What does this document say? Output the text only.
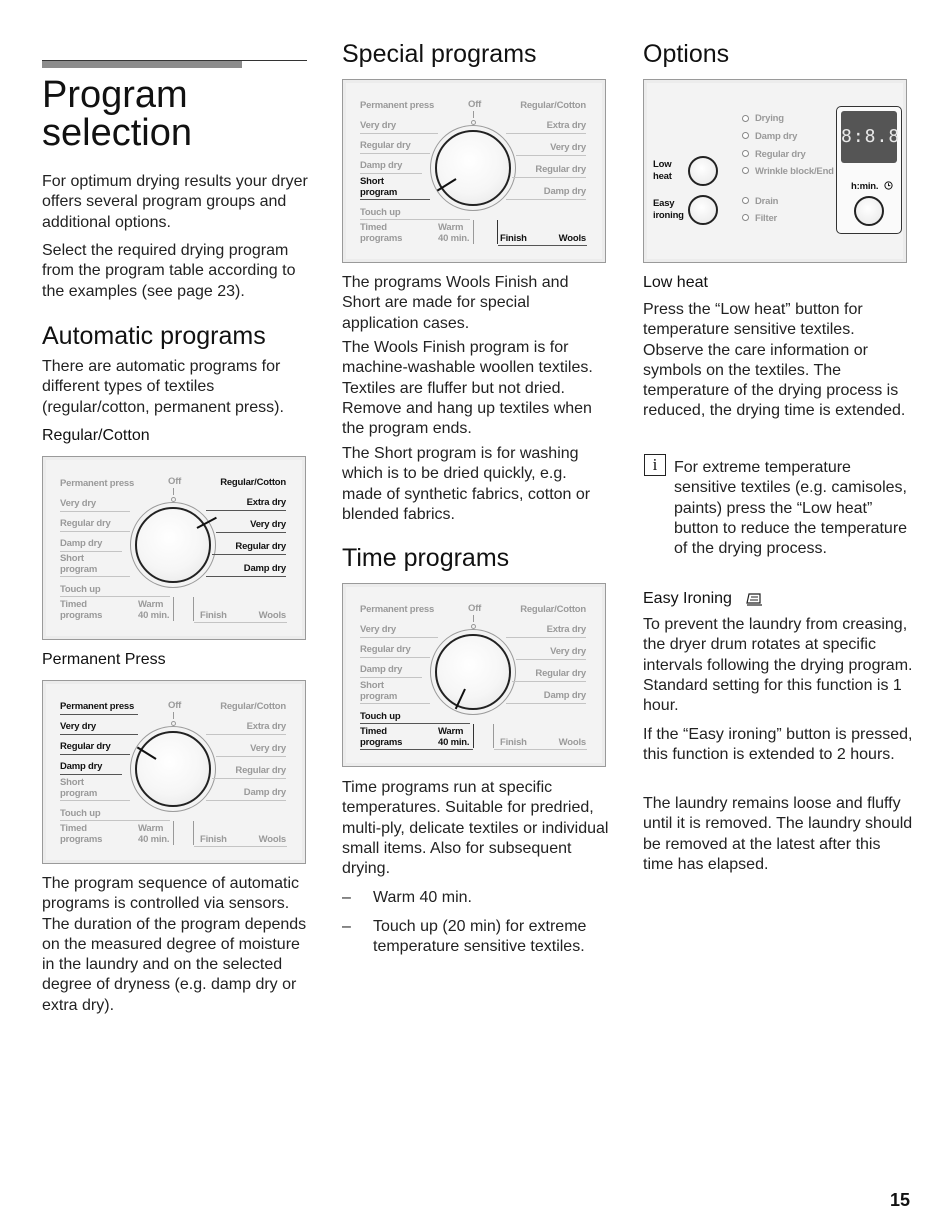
Program selection

For optimum drying results your dryer offers several program groups and additional options.

Select the required drying program from the program table according to the examples (see page 23).

Automatic programs

There are automatic programs for different types of textiles (regular/cotton, permanent press).

Regular/Cotton
Permanent press
Very dry
Regular dry
Damp dry
Short
program
Touch up
Timed
programs
Warm
40 min.
Off	Regular/Cotton
Extra dry
Very dry
Regular dry
Damp dry
Finish	Wools
Permanent Press
Permanent press
Very dry
Regular dry
Damp dry
Short
program
Touch up
Timed
programs
Warm
40 min.
Off	Regular/Cotton
Extra dry
Very dry
Regular dry
Damp dry
Finish	Wools

The program sequence of automatic programs is controlled via sensors. The duration of the program depends on the measured degree of moisture in the laundry and on the selected degree of dryness (e.g. damp dry or extra dry).

Special programs
Permanent press
Very dry
Regular dry
Damp dry
Short
program
Touch up
Timed
programs
Warm
40 min.
Off	Regular/Cotton
Extra dry
Very dry
Regular dry
Damp dry
Finish	Wools

The programs Wools Finish and Short are made for special application cases.

The Wools Finish program is for machine-washable woollen textiles. Textiles are fluffer but not dried. Remove and hang up textiles when the program ends.

The Short program is for washing which is to be dried quickly, e.g. made of synthetic fabrics, cotton or blended fabrics.

Time programs
Permanent press
Very dry
Regular dry
Damp dry
Short
program
Touch up
Timed
programs
Warm
40 min.
Off	Regular/Cotton
Extra dry
Very dry
Regular dry
Damp dry
Finish	Wools

Time programs run at specific temperatures. Suitable for predried, multi-ply, delicate textiles or individual small items. Also for subsequent drying.

– Warm 40 min.

– Touch up (20 min) for extreme temperature sensitive textiles.

Options
Low
heat
Easy
ironing
Drying
Damp dry
Regular dry
Wrinkle block/End
Drain
Filter
8:8.8
h:min.
Low heat

Press the “Low heat” button for temperature sensitive textiles. Observe the care information or symbols on the textiles. The temperature of the drying process is reduced, the drying time is extended.

i	For extreme temperature sensitive textiles (e.g. camisoles, paints) press the “Low heat” button to reduce the temperature of the drying process.

Easy Ironing

To prevent the laundry from creasing, the dryer drum rotates at specific intervals following the drying program. Standard setting for this function is 1 hour.

If the “Easy ironing” button is pressed, this function is extended to 2 hours.

The laundry remains loose and fluffy until it is removed. The laundry should be removed at the latest after this time has elapsed.

15
